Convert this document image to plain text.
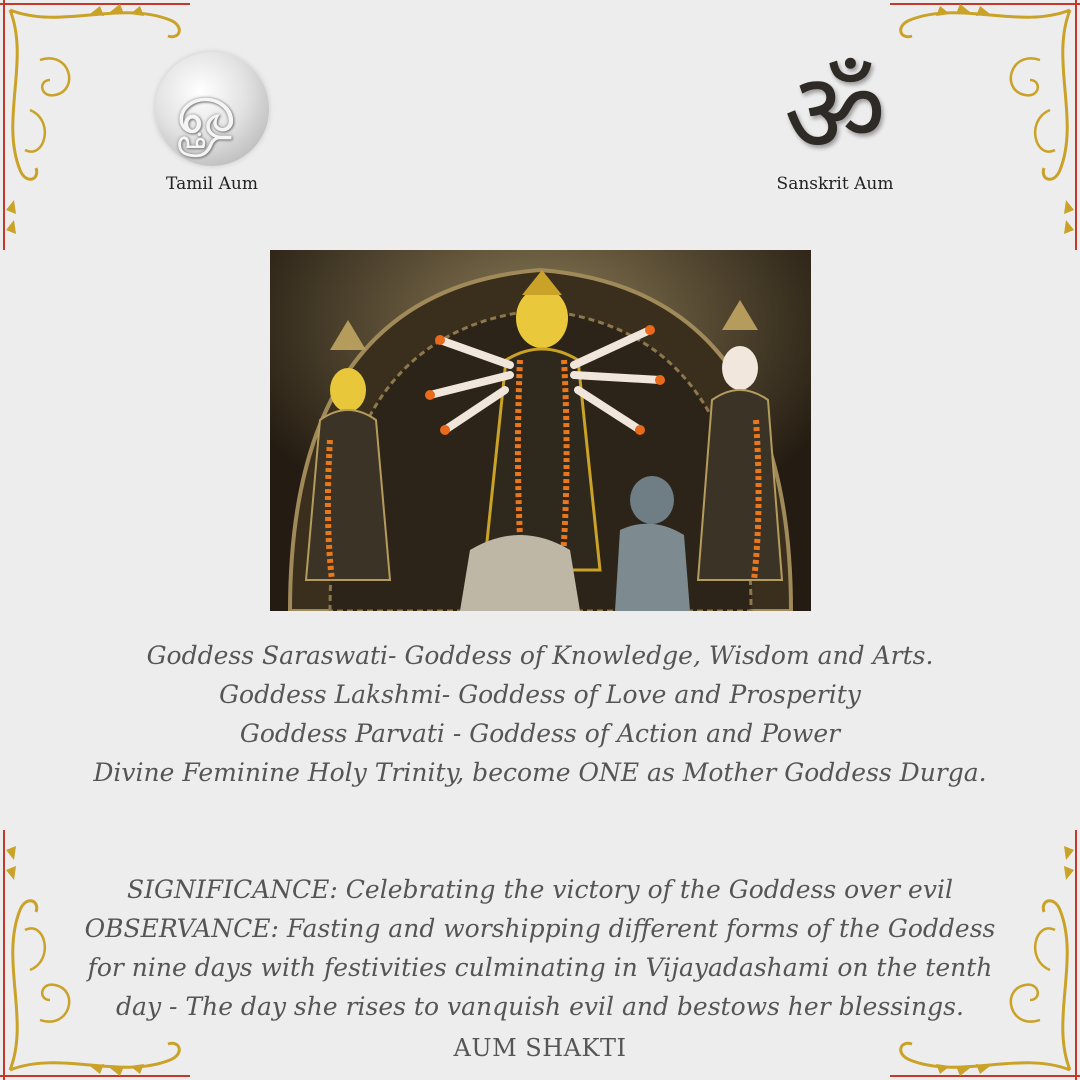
ௐ
Tamil Aum
ॐ
Sanskrit Aum
Goddess Saraswati- Goddess of Knowledge, Wisdom and Arts.
Goddess Lakshmi- Goddess of Love and Prosperity
Goddess Parvati - Goddess of Action and Power
Divine Feminine Holy Trinity, become ONE as Mother Goddess Durga.
SIGNIFICANCE: Celebrating the victory of the Goddess over evil
OBSERVANCE: Fasting and worshipping different forms of the Goddess
for nine days with festivities culminating in Vijayadashami on the tenth
day - The day she rises to vanquish evil and bestows her blessings.
AUM SHAKTI
